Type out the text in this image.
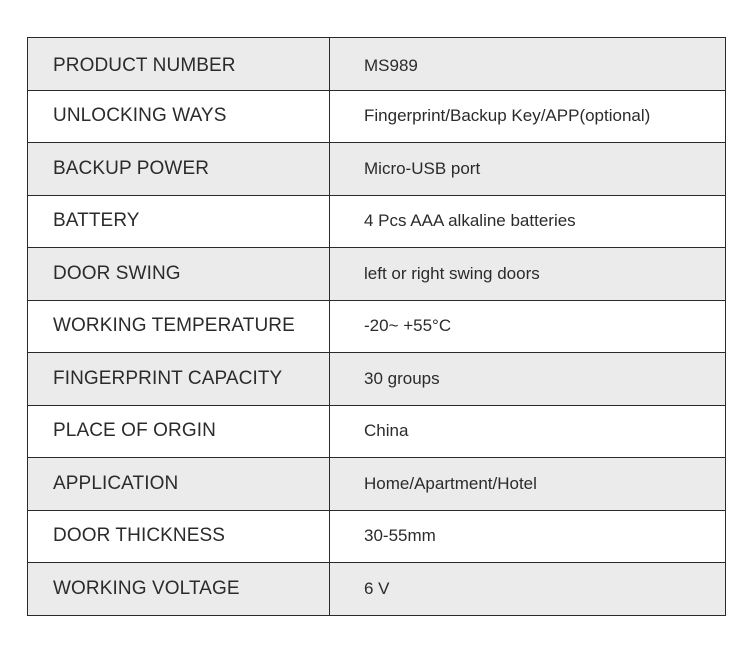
PRODUCT NUMBER	MS989
UNLOCKING WAYS	Fingerprint/Backup Key/APP(optional)
BACKUP POWER	Micro-USB port
BATTERY	4 Pcs AAA alkaline batteries
DOOR SWING	left or right swing doors
WORKING TEMPERATURE	-20~ +55°C
FINGERPRINT CAPACITY	30 groups
PLACE OF ORGIN	China
APPLICATION	Home/Apartment/Hotel
DOOR THICKNESS	30-55mm
WORKING VOLTAGE	6 V
